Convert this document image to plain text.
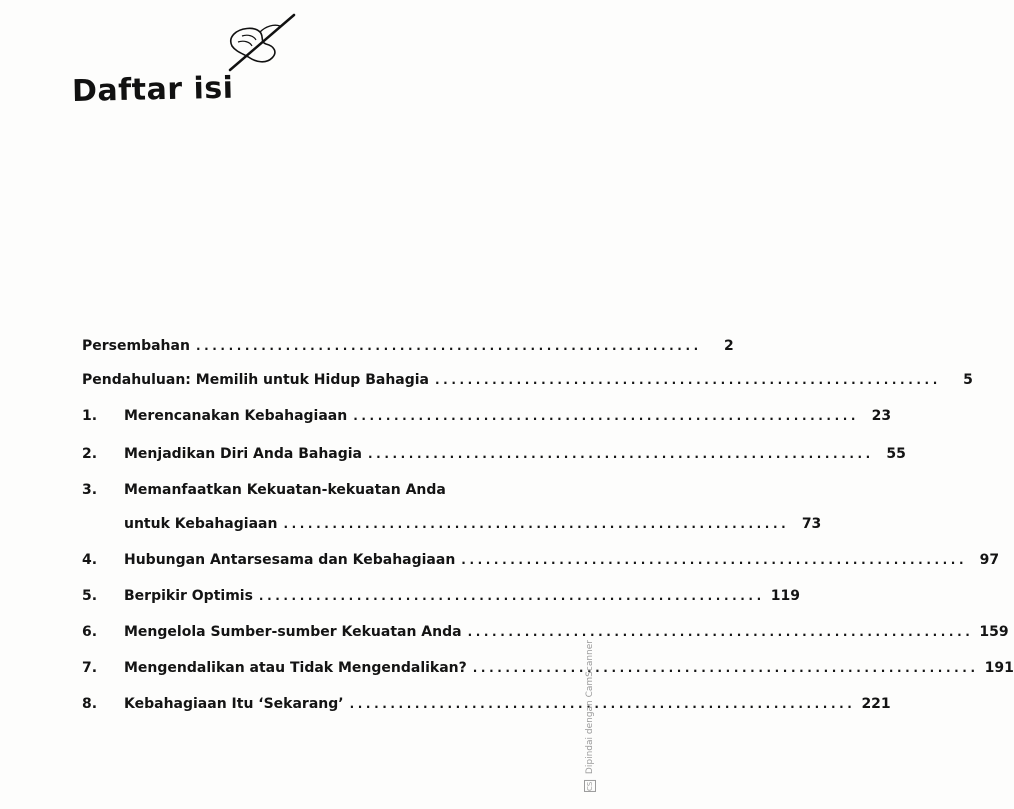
Daftar isi
Persembahan ..............................................................	2
Pendahuluan: Memilih untuk Hidup Bahagia ..............................................................	5
1.	Merencanakan Kebahagiaan .............................................................. 23
2.	Menjadikan Diri Anda Bahagia .............................................................. 55
3.	Memanfaatkan Kekuatan-kekuatan Anda
untuk Kebahagiaan .............................................................. 73
4.	Hubungan Antarsesama dan Kebahagiaan .............................................................. 97
5.	Berpikir Optimis .............................................................. 119
6.	Mengelola Sumber-sumber Kekuatan Anda .............................................................. 159
7.	Mengendalikan atau Tidak Mengendalikan? .............................................................. 191
8.	Kebahagiaan Itu ‘Sekarang’ .............................................................. 221
CS Dipindai dengan CamScanner
